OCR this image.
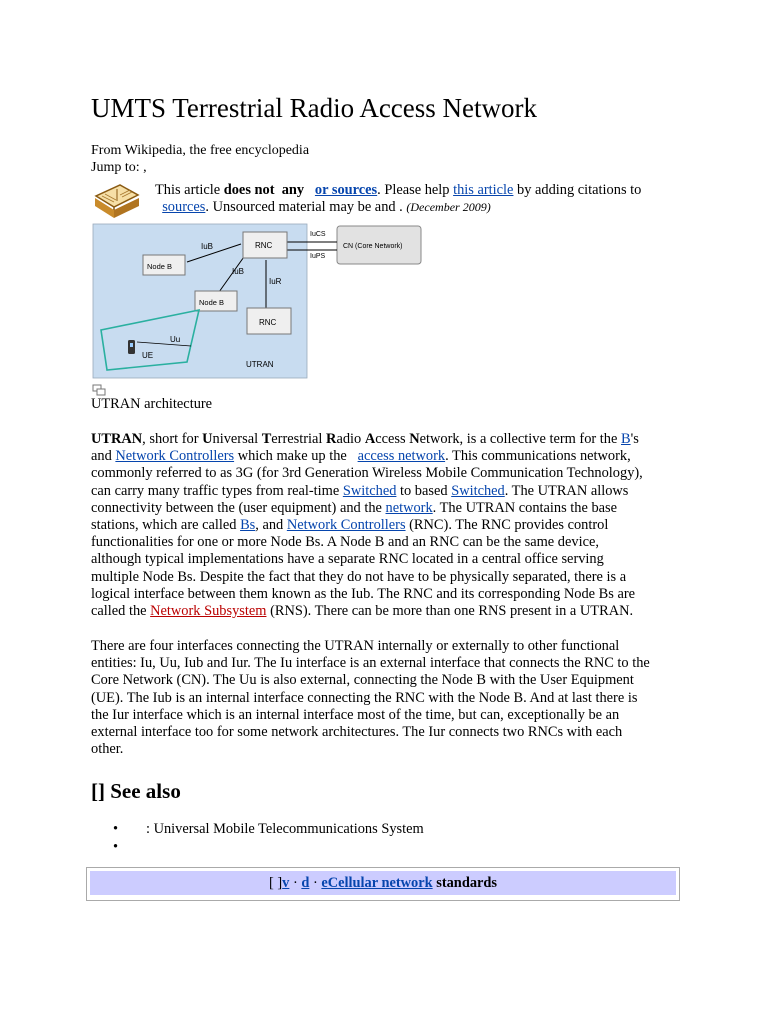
UMTS Terrestrial Radio Access Network
From Wikipedia, the free encyclopedia
Jump to: ,
This article does not any or sources. Please help this article by adding citations to
sources. Unsourced material may be and . (December 2009)
IuB
IuB
IuR
IuCS
IuPS
CN (Core Network)
RNC
Node B
Node B
RNC
Uu
UE
UTRAN
UTRAN architecture
UTRAN, short for Universal Terrestrial Radio Access Network, is a collective term for the B's
and Network Controllers which make up the   access network. This communications network,
commonly referred to as 3G (for 3rd Generation Wireless Mobile Communication Technology),
can carry many traffic types from real-time Switched to based Switched. The UTRAN allows
connectivity between the (user equipment) and the network. The UTRAN contains the base
stations, which are called Bs, and Network Controllers (RNC). The RNC provides control
functionalities for one or more Node Bs. A Node B and an RNC can be the same device,
although typical implementations have a separate RNC located in a central office serving
multiple Node Bs. Despite the fact that they do not have to be physically separated, there is a
logical interface between them known as the Iub. The RNC and its corresponding Node Bs are
called the Network Subsystem (RNS). There can be more than one RNS present in a UTRAN.
There are four interfaces connecting the UTRAN internally or externally to other functional
entities: Iu, Uu, Iub and Iur. The Iu interface is an external interface that connects the RNC to the
Core Network (CN). The Uu is also external, connecting the Node B with the User Equipment
(UE). The Iub is an internal interface connecting the RNC with the Node B. And at last there is
the Iur interface which is an internal interface most of the time, but can, exceptionally be an
external interface too for some network architectures. The Iur connects two RNCs with each
other.
[] See also
• : Universal Mobile Telecommunications System
•
[ ]v · d · eCellular network standards
